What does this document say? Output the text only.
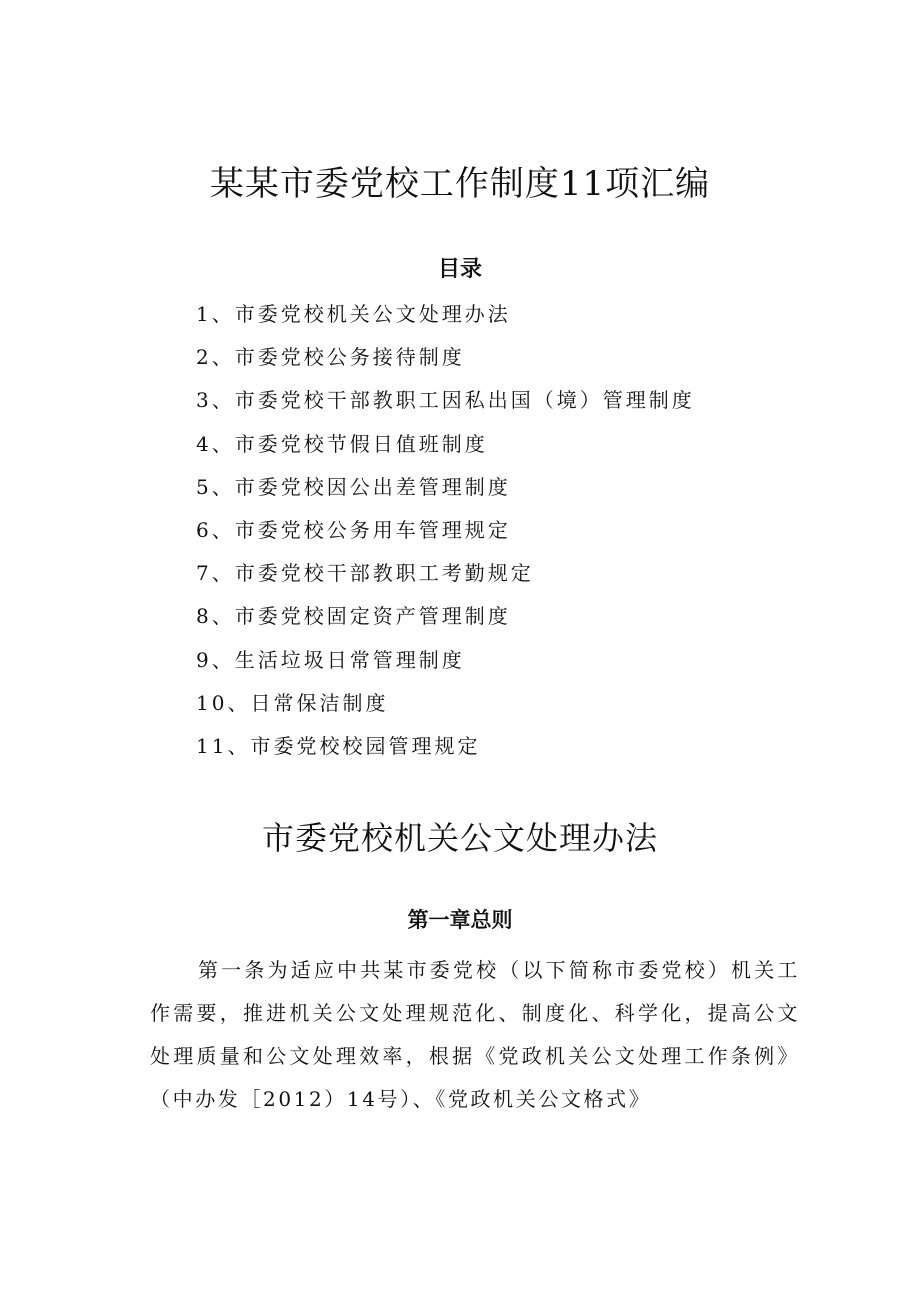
某某市委党校工作制度11项汇编
目录
1、市委党校机关公文处理办法
2、市委党校公务接待制度
3、市委党校干部教职工因私出国（境）管理制度
4、市委党校节假日值班制度
5、市委党校因公出差管理制度
6、市委党校公务用车管理规定
7、市委党校干部教职工考勤规定
8、市委党校固定资产管理制度
9、生活垃圾日常管理制度
10、日常保洁制度
11、市委党校校园管理规定
市委党校机关公文处理办法
第一章总则

第一条为适应中共某市委党校（以下简称市委党校）机关工作需要，推进机关公文处理规范化、制度化、科学化，提高公文处理质量和公文处理效率，根据《党政机关公文处理工作条例》（中办发［2012）14号）、《党政机关公文格式》
